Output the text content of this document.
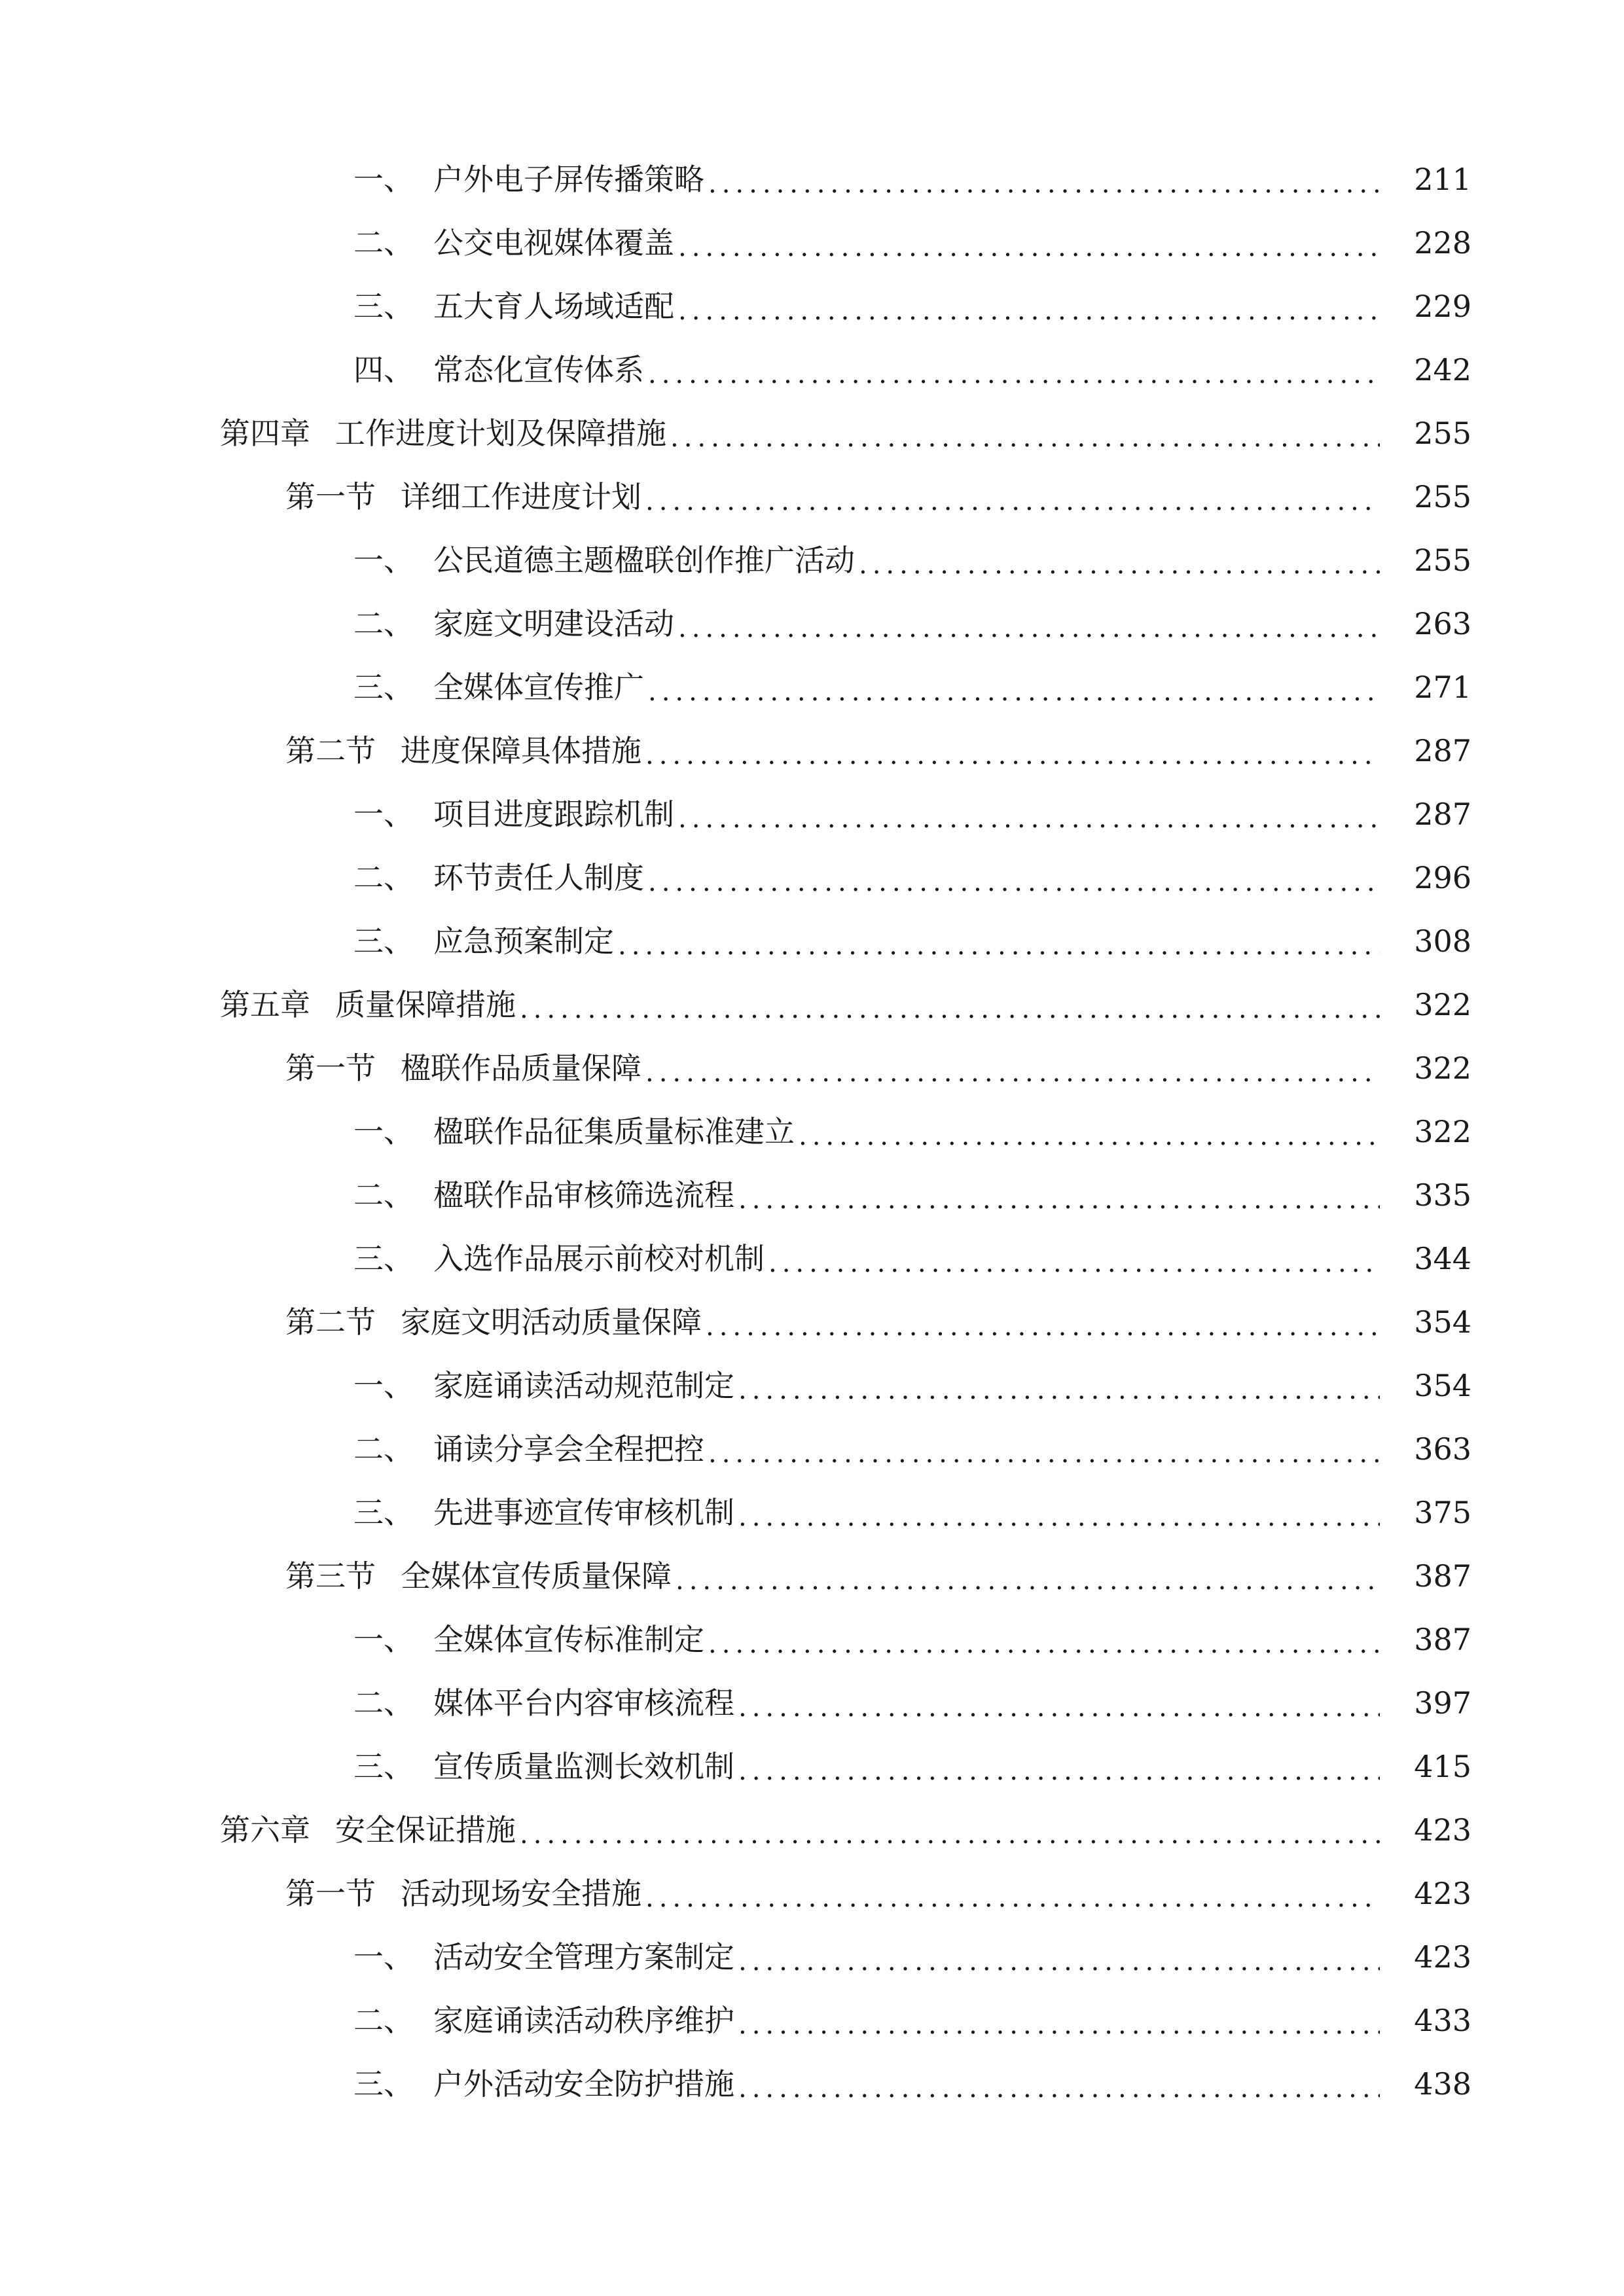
一、 户外电子屏传播策略 .....	211
二、 公交电视媒体覆盖 .....	228
三、 五大育人场域适配 .....	229
四、 常态化宣传体系 .....	242
第四章 工作进度计划及保障措施 .....	255
第一节 详细工作进度计划 .....	255
一、 公民道德主题楹联创作推广活动 .....	255
二、 家庭文明建设活动 .....	263
三、 全媒体宣传推广 .....	271
第二节 进度保障具体措施 .....	287
一、 项目进度跟踪机制 .....	287
二、 环节责任人制度 .....	296
三、 应急预案制定 .....	308
第五章 质量保障措施 .....	322
第一节 楹联作品质量保障 .....	322
一、 楹联作品征集质量标准建立 .....	322
二、 楹联作品审核筛选流程 .....	335
三、 入选作品展示前校对机制 .....	344
第二节 家庭文明活动质量保障 .....	354
一、 家庭诵读活动规范制定 .....	354
二、 诵读分享会全程把控 .....	363
三、 先进事迹宣传审核机制 .....	375
第三节 全媒体宣传质量保障 .....	387
一、 全媒体宣传标准制定 .....	387
二、 媒体平台内容审核流程 .....	397
三、 宣传质量监测长效机制 .....	415
第六章 安全保证措施 .....	423
第一节 活动现场安全措施 .....	423
一、 活动安全管理方案制定 .....	423
二、 家庭诵读活动秩序维护 .....	433
三、 户外活动安全防护措施 .....	438
